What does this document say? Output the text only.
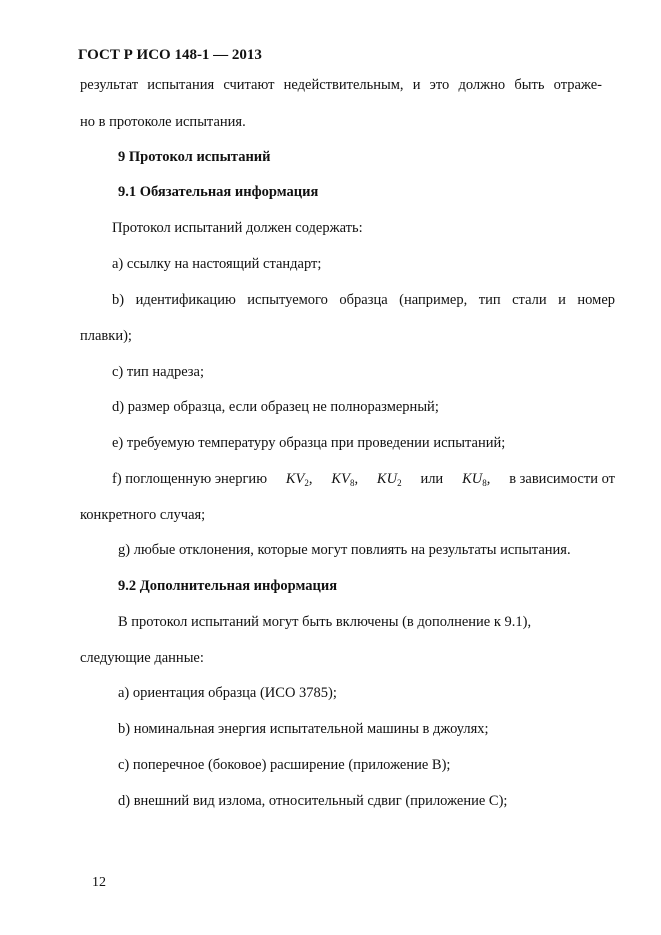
ГОСТ Р ИСО 148-1 — 2013
результат испытания считают недействительным, и это должно быть отраже-
но в протоколе испытания.
9 Протокол испытаний
9.1 Обязательная информация
Протокол испытаний должен содержать:
a) ссылку на настоящий стандарт;
b) идентификацию испытуемого образца (например, тип стали и номер
плавки);
c) тип надреза;
d) размер образца, если образец не полноразмерный;
e) требуемую температуру образца при проведении испытаний;
f) поглощенную энергию $KV_2$, $KV_8$, $KU_2$ или $KU_8$, в зависимости от
конкретного случая;
g) любые отклонения, которые могут повлиять на результаты испытания.
9.2 Дополнительная информация
В протокол испытаний могут быть включены (в дополнение к 9.1),
следующие данные:
a) ориентация образца (ИСО 3785);
b) номинальная энергия испытательной машины в джоулях;
c) поперечное (боковое) расширение (приложение B);
d) внешний вид излома, относительный сдвиг (приложение C);
12
